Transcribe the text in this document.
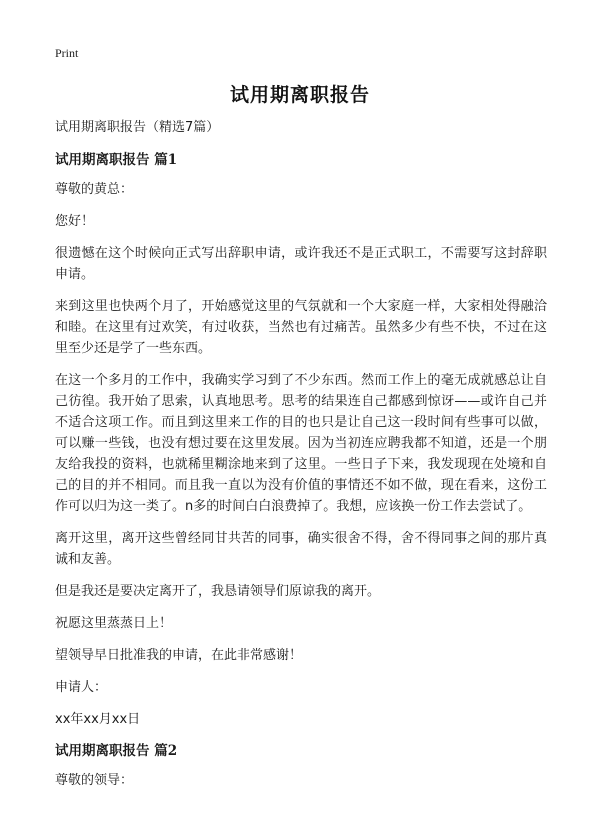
Print
试用期离职报告
试用期离职报告（精选7篇）
试用期离职报告 篇1
尊敬的黄总：
您好！
很遗憾在这个时候向正式写出辞职申请，或许我还不是正式职工，不需要写这封辞职申请。
来到这里也快两个月了，开始感觉这里的气氛就和一个大家庭一样，大家相处得融洽和睦。在这里有过欢笑，有过收获，当然也有过痛苦。虽然多少有些不快，不过在这里至少还是学了一些东西。
在这一个多月的工作中，我确实学习到了不少东西。然而工作上的毫无成就感总让自己彷徨。我开始了思索，认真地思考。思考的结果连自己都感到惊讶——或许自己并不适合这项工作。而且到这里来工作的目的也只是让自己这一段时间有些事可以做，可以赚一些钱，也没有想过要在这里发展。因为当初连应聘我都不知道，还是一个朋友给我投的资料，也就稀里糊涂地来到了这里。一些日子下来，我发现现在处境和自己的目的并不相同。而且我一直以为没有价值的事情还不如不做，现在看来，这份工作可以归为这一类了。n多的时间白白浪费掉了。我想，应该换一份工作去尝试了。
离开这里，离开这些曾经同甘共苦的同事，确实很舍不得，舍不得同事之间的那片真诚和友善。
但是我还是要决定离开了，我恳请领导们原谅我的离开。
祝愿这里蒸蒸日上！
望领导早日批准我的申请，在此非常感谢！
申请人：
xx年xx月xx日
试用期离职报告 篇2
尊敬的领导：
